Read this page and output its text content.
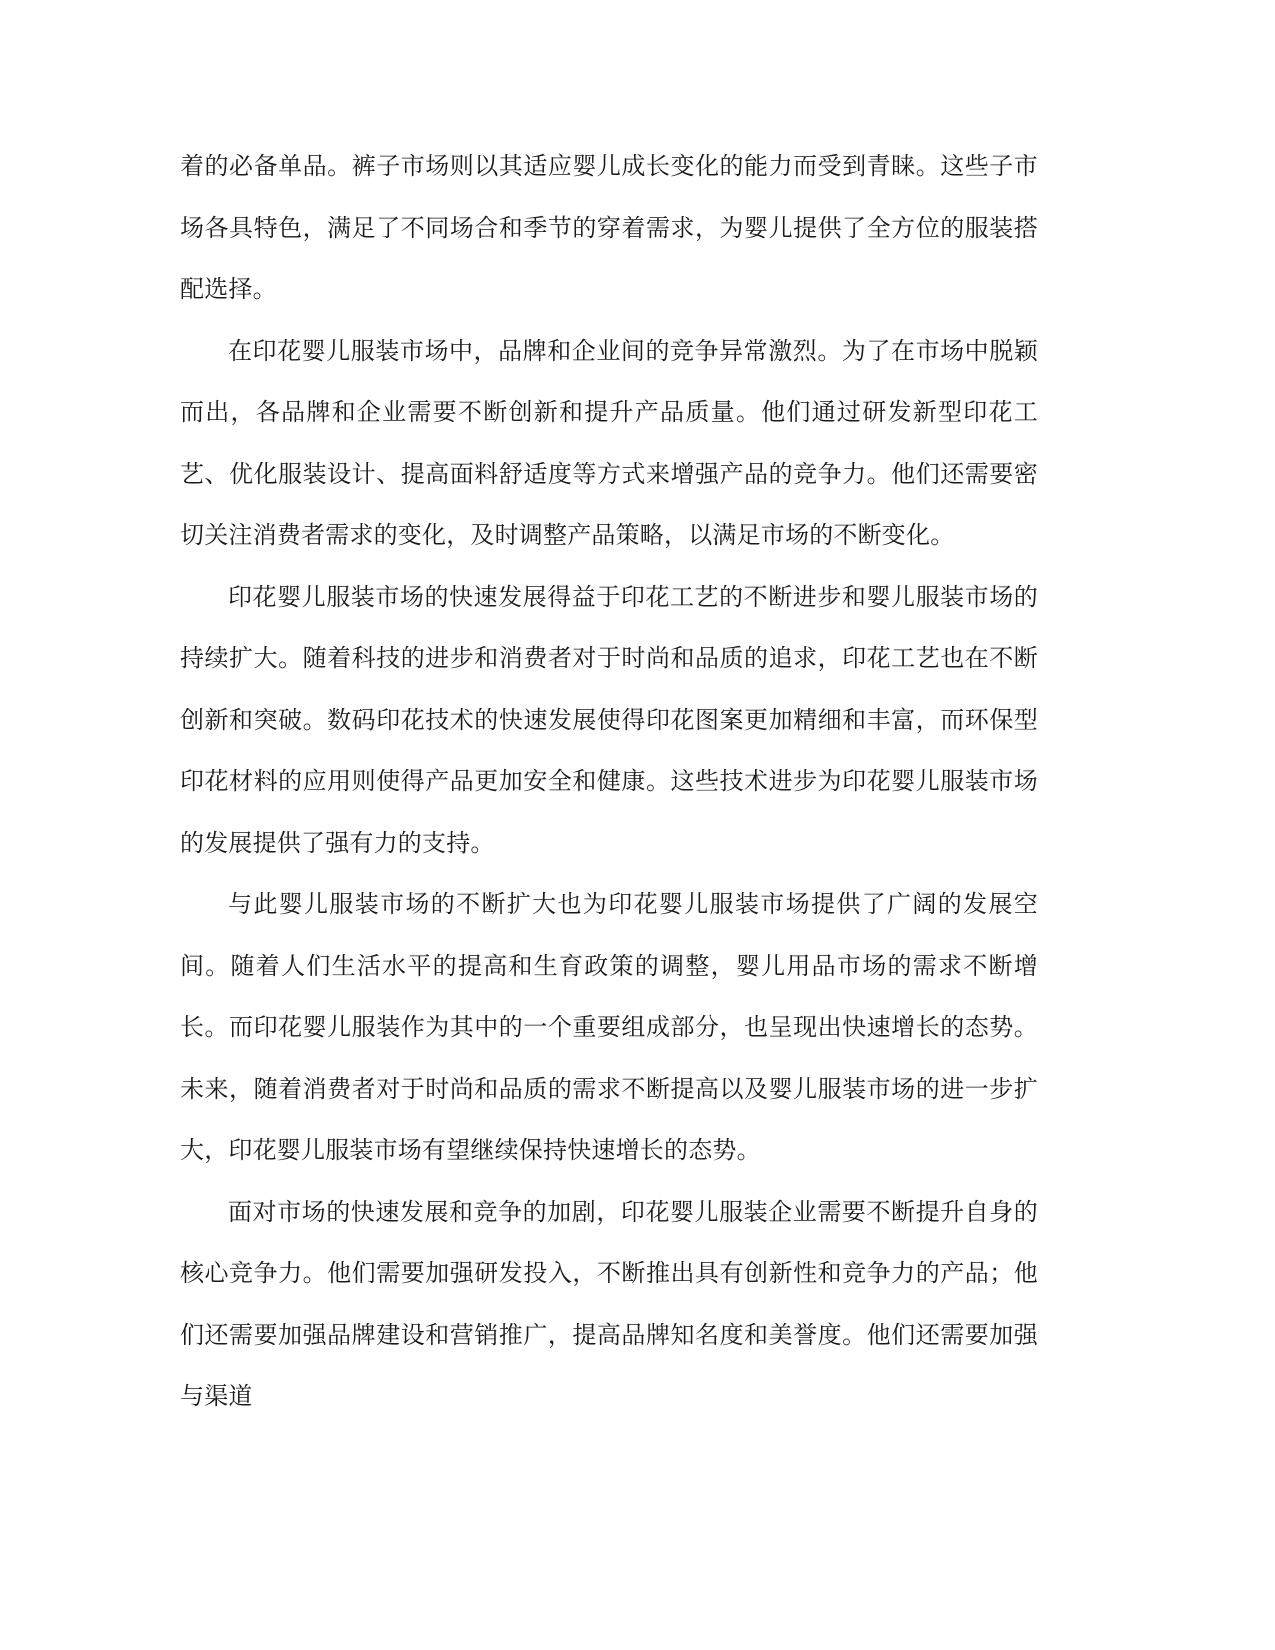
着的必备单品。裤子市场则以其适应婴儿成长变化的能力而受到青睐。这些子市场各具特色，满足了不同场合和季节的穿着需求，为婴儿提供了全方位的服装搭配选择。

在印花婴儿服装市场中，品牌和企业间的竞争异常激烈。为了在市场中脱颖而出，各品牌和企业需要不断创新和提升产品质量。他们通过研发新型印花工艺、优化服装设计、提高面料舒适度等方式来增强产品的竞争力。他们还需要密切关注消费者需求的变化，及时调整产品策略，以满足市场的不断变化。

印花婴儿服装市场的快速发展得益于印花工艺的不断进步和婴儿服装市场的持续扩大。随着科技的进步和消费者对于时尚和品质的追求，印花工艺也在不断创新和突破。数码印花技术的快速发展使得印花图案更加精细和丰富，而环保型印花材料的应用则使得产品更加安全和健康。这些技术进步为印花婴儿服装市场的发展提供了强有力的支持。

与此婴儿服装市场的不断扩大也为印花婴儿服装市场提供了广阔的发展空间。随着人们生活水平的提高和生育政策的调整，婴儿用品市场的需求不断增长。而印花婴儿服装作为其中的一个重要组成部分，也呈现出快速增长的态势。未来，随着消费者对于时尚和品质的需求不断提高以及婴儿服装市场的进一步扩大，印花婴儿服装市场有望继续保持快速增长的态势。

面对市场的快速发展和竞争的加剧，印花婴儿服装企业需要不断提升自身的核心竞争力。他们需要加强研发投入，不断推出具有创新性和竞争力的产品；他们还需要加强品牌建设和营销推广，提高品牌知名度和美誉度。他们还需要加强与渠道
